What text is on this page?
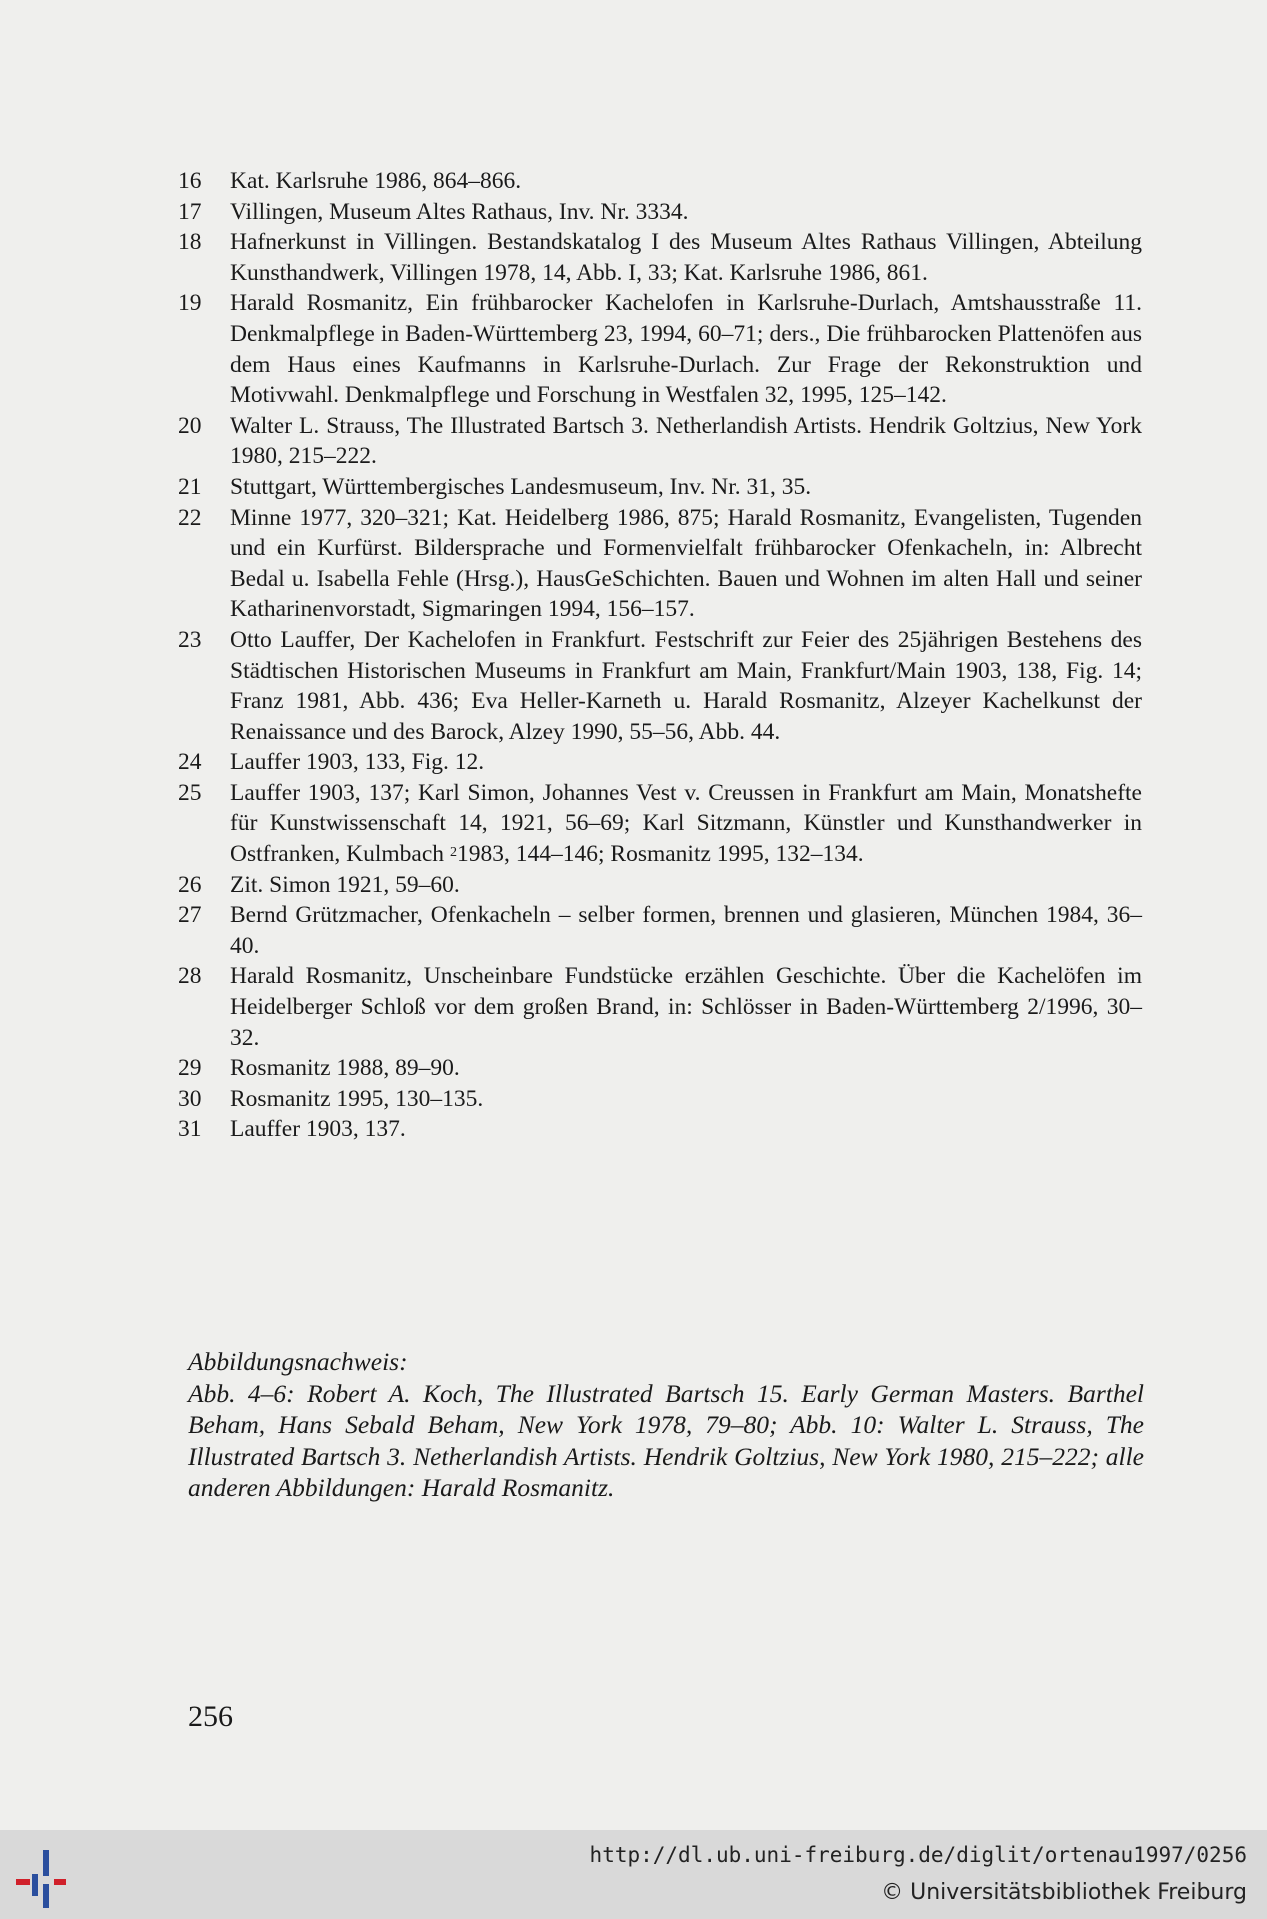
16	Kat. Karlsruhe 1986, 864–866.
17	Villingen, Museum Altes Rathaus, Inv. Nr. 3334.
18	Hafnerkunst in Villingen. Bestandskatalog I des Museum Altes Rathaus Villingen, Abteilung Kunsthandwerk, Villingen 1978, 14, Abb. I, 33; Kat. Karlsruhe 1986, 861.
19	Harald Rosmanitz, Ein frühbarocker Kachelofen in Karlsruhe-Durlach, Amtshausstraße 11. Denkmalpflege in Baden-Württemberg 23, 1994, 60–71; ders., Die frühbarocken Plattenöfen aus dem Haus eines Kaufmanns in Karlsruhe-Durlach. Zur Frage der Rekonstruktion und Motivwahl. Denkmalpflege und Forschung in Westfalen 32, 1995, 125–142.
20	Walter L. Strauss, The Illustrated Bartsch 3. Netherlandish Artists. Hendrik Goltzius, New York 1980, 215–222.
21	Stuttgart, Württembergisches Landesmuseum, Inv. Nr. 31, 35.
22	Minne 1977, 320–321; Kat. Heidelberg 1986, 875; Harald Rosmanitz, Evangelisten, Tugenden und ein Kurfürst. Bildersprache und Formenvielfalt frühbarocker Ofenkacheln, in: Albrecht Bedal u. Isabella Fehle (Hrsg.), HausGeSchichten. Bauen und Wohnen im alten Hall und seiner Katharinenvorstadt, Sigmaringen 1994, 156–157.
23	Otto Lauffer, Der Kachelofen in Frankfurt. Festschrift zur Feier des 25jährigen Bestehens des Städtischen Historischen Museums in Frankfurt am Main, Frankfurt/Main 1903, 138, Fig. 14; Franz 1981, Abb. 436; Eva Heller-Karneth u. Harald Rosmanitz, Alzeyer Kachelkunst der Renaissance und des Barock, Alzey 1990, 55–56, Abb. 44.
24	Lauffer 1903, 133, Fig. 12.
25	Lauffer 1903, 137; Karl Simon, Johannes Vest v. Creussen in Frankfurt am Main, Monatshefte für Kunstwissenschaft 14, 1921, 56–69; Karl Sitzmann, Künstler und Kunsthandwerker in Ostfranken, Kulmbach $^2$1983, 144–146; Rosmanitz 1995, 132–134.
26	Zit. Simon 1921, 59–60.
27	Bernd Grützmacher, Ofenkacheln – selber formen, brennen und glasieren, München 1984, 36–40.
28	Harald Rosmanitz, Unscheinbare Fundstücke erzählen Geschichte. Über die Kachelöfen im Heidelberger Schloß vor dem großen Brand, in: Schlösser in Baden-Württemberg 2/1996, 30–32.
29	Rosmanitz 1988, 89–90.
30	Rosmanitz 1995, 130–135.
31	Lauffer 1903, 137.
Abbildungsnachweis:
Abb. 4–6: Robert A. Koch, The Illustrated Bartsch 15. Early German Masters. Barthel Beham, Hans Sebald Beham, New York 1978, 79–80; Abb. 10: Walter L. Strauss, The Illustrated Bartsch 3. Netherlandish Artists. Hendrik Goltzius, New York 1980, 215–222; alle anderen Abbildungen: Harald Rosmanitz.
256
http://dl.ub.uni-freiburg.de/diglit/ortenau1997/0256
© Universitätsbibliothek Freiburg
